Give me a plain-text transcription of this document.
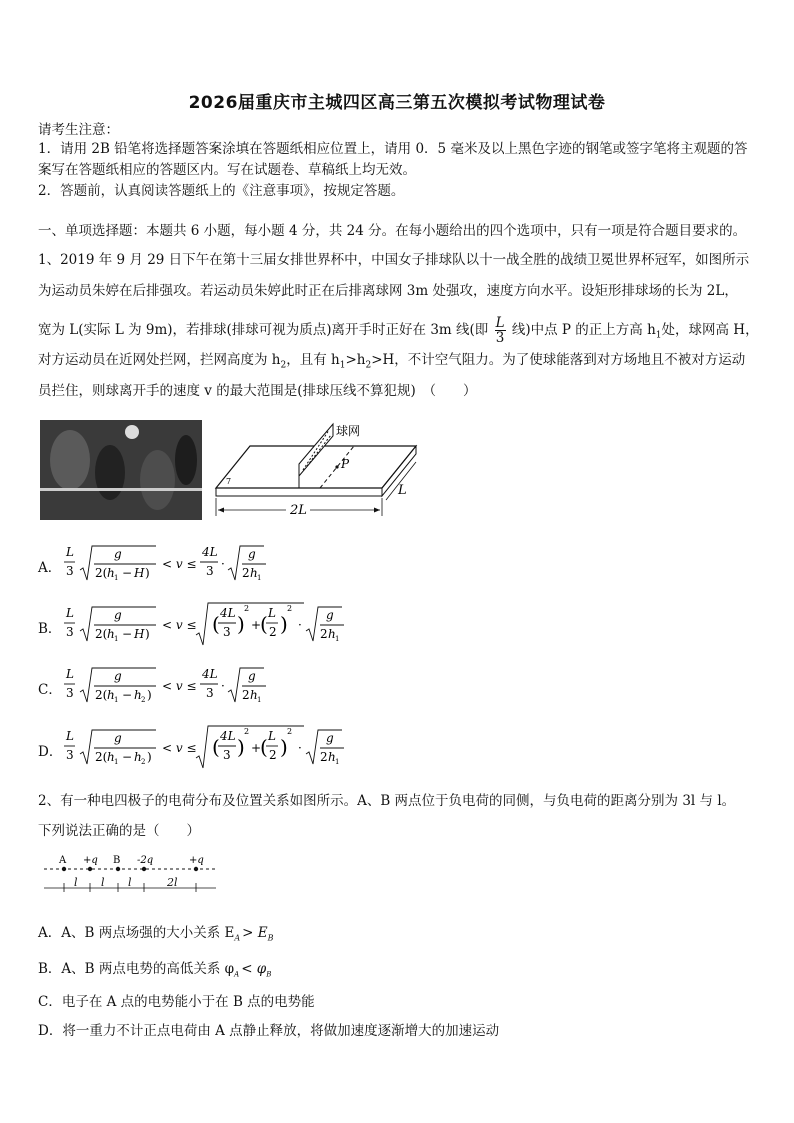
2026届重庆市主城四区高三第五次模拟考试物理试卷
请考生注意：
1．请用 2B 铅笔将选择题答案涂填在答题纸相应位置上，请用 0．5 毫米及以上黑色字迹的钢笔或签字笔将主观题的答
案写在答题纸相应的答题区内。写在试题卷、草稿纸上均无效。
2．答题前，认真阅读答题纸上的《注意事项》，按规定答题。
一、单项选择题：本题共 6 小题，每小题 4 分，共 24 分。在每小题给出的四个选项中，只有一项是符合题目要求的。
1、2019 年 9 月 29 日下午在第十三届女排世界杯中，中国女子排球队以十一战全胜的战绩卫冕世界杯冠军，如图所示
为运动员朱婷在后排强攻。若运动员朱婷此时正在后排离球网 3m 处强攻，速度方向水平。设矩形排球场的长为 2L，
宽为 L(实际 L 为 9m)，若排球(排球可视为质点)离开手时正好在 3m 线(即 $\frac{L}{3}$ 线)中点 P 的正上方高 $h_1$处，球网高 H，
对方运动员在近网处拦网，拦网高度为 $h_2$，且有 $h_1>h_2>H$，不计空气阻力。为了使球能落到对方场地且不被对方运动
员拦住，则球离开手的速度 v 的最大范围是(排球压线不算犯规)　（　　）
P
球网
7
2L
L
A．
L
3
g
2( h 1 − H )
< v ≤
4L
3 ·
g
2 h 1
B．
L
3
g
2( h 1 − H )
< v ≤ ( 4L
3 )
2
+
( L
2 )
2
·
g
2 h 1
C．
L
3
g
2( h 1 − h 2 )
< v ≤
4L
3 ·
g
2 h 1
D．
L
3
g
2( h 1 − h 2 )
< v ≤ ( 4L
3 )
2
+
( L
2 )
2
·
g
2 h 1
2、有一种电四极子的电荷分布及位置关系如图所示。A、B 两点位于负电荷的同侧，与负电荷的距离分别为 3l 与 l。
下列说法正确的是（　　）
A +q B -2q	+q
l l l	2l
A．A、B 两点场强的大小关系 $E_A > E_B$
B．A、B 两点电势的高低关系 $\varphi_A < \varphi_B$
C．电子在 A 点的电势能小于在 B 点的电势能
D．将一重力不计正点电荷由 A 点静止释放，将做加速度逐渐增大的加速运动
